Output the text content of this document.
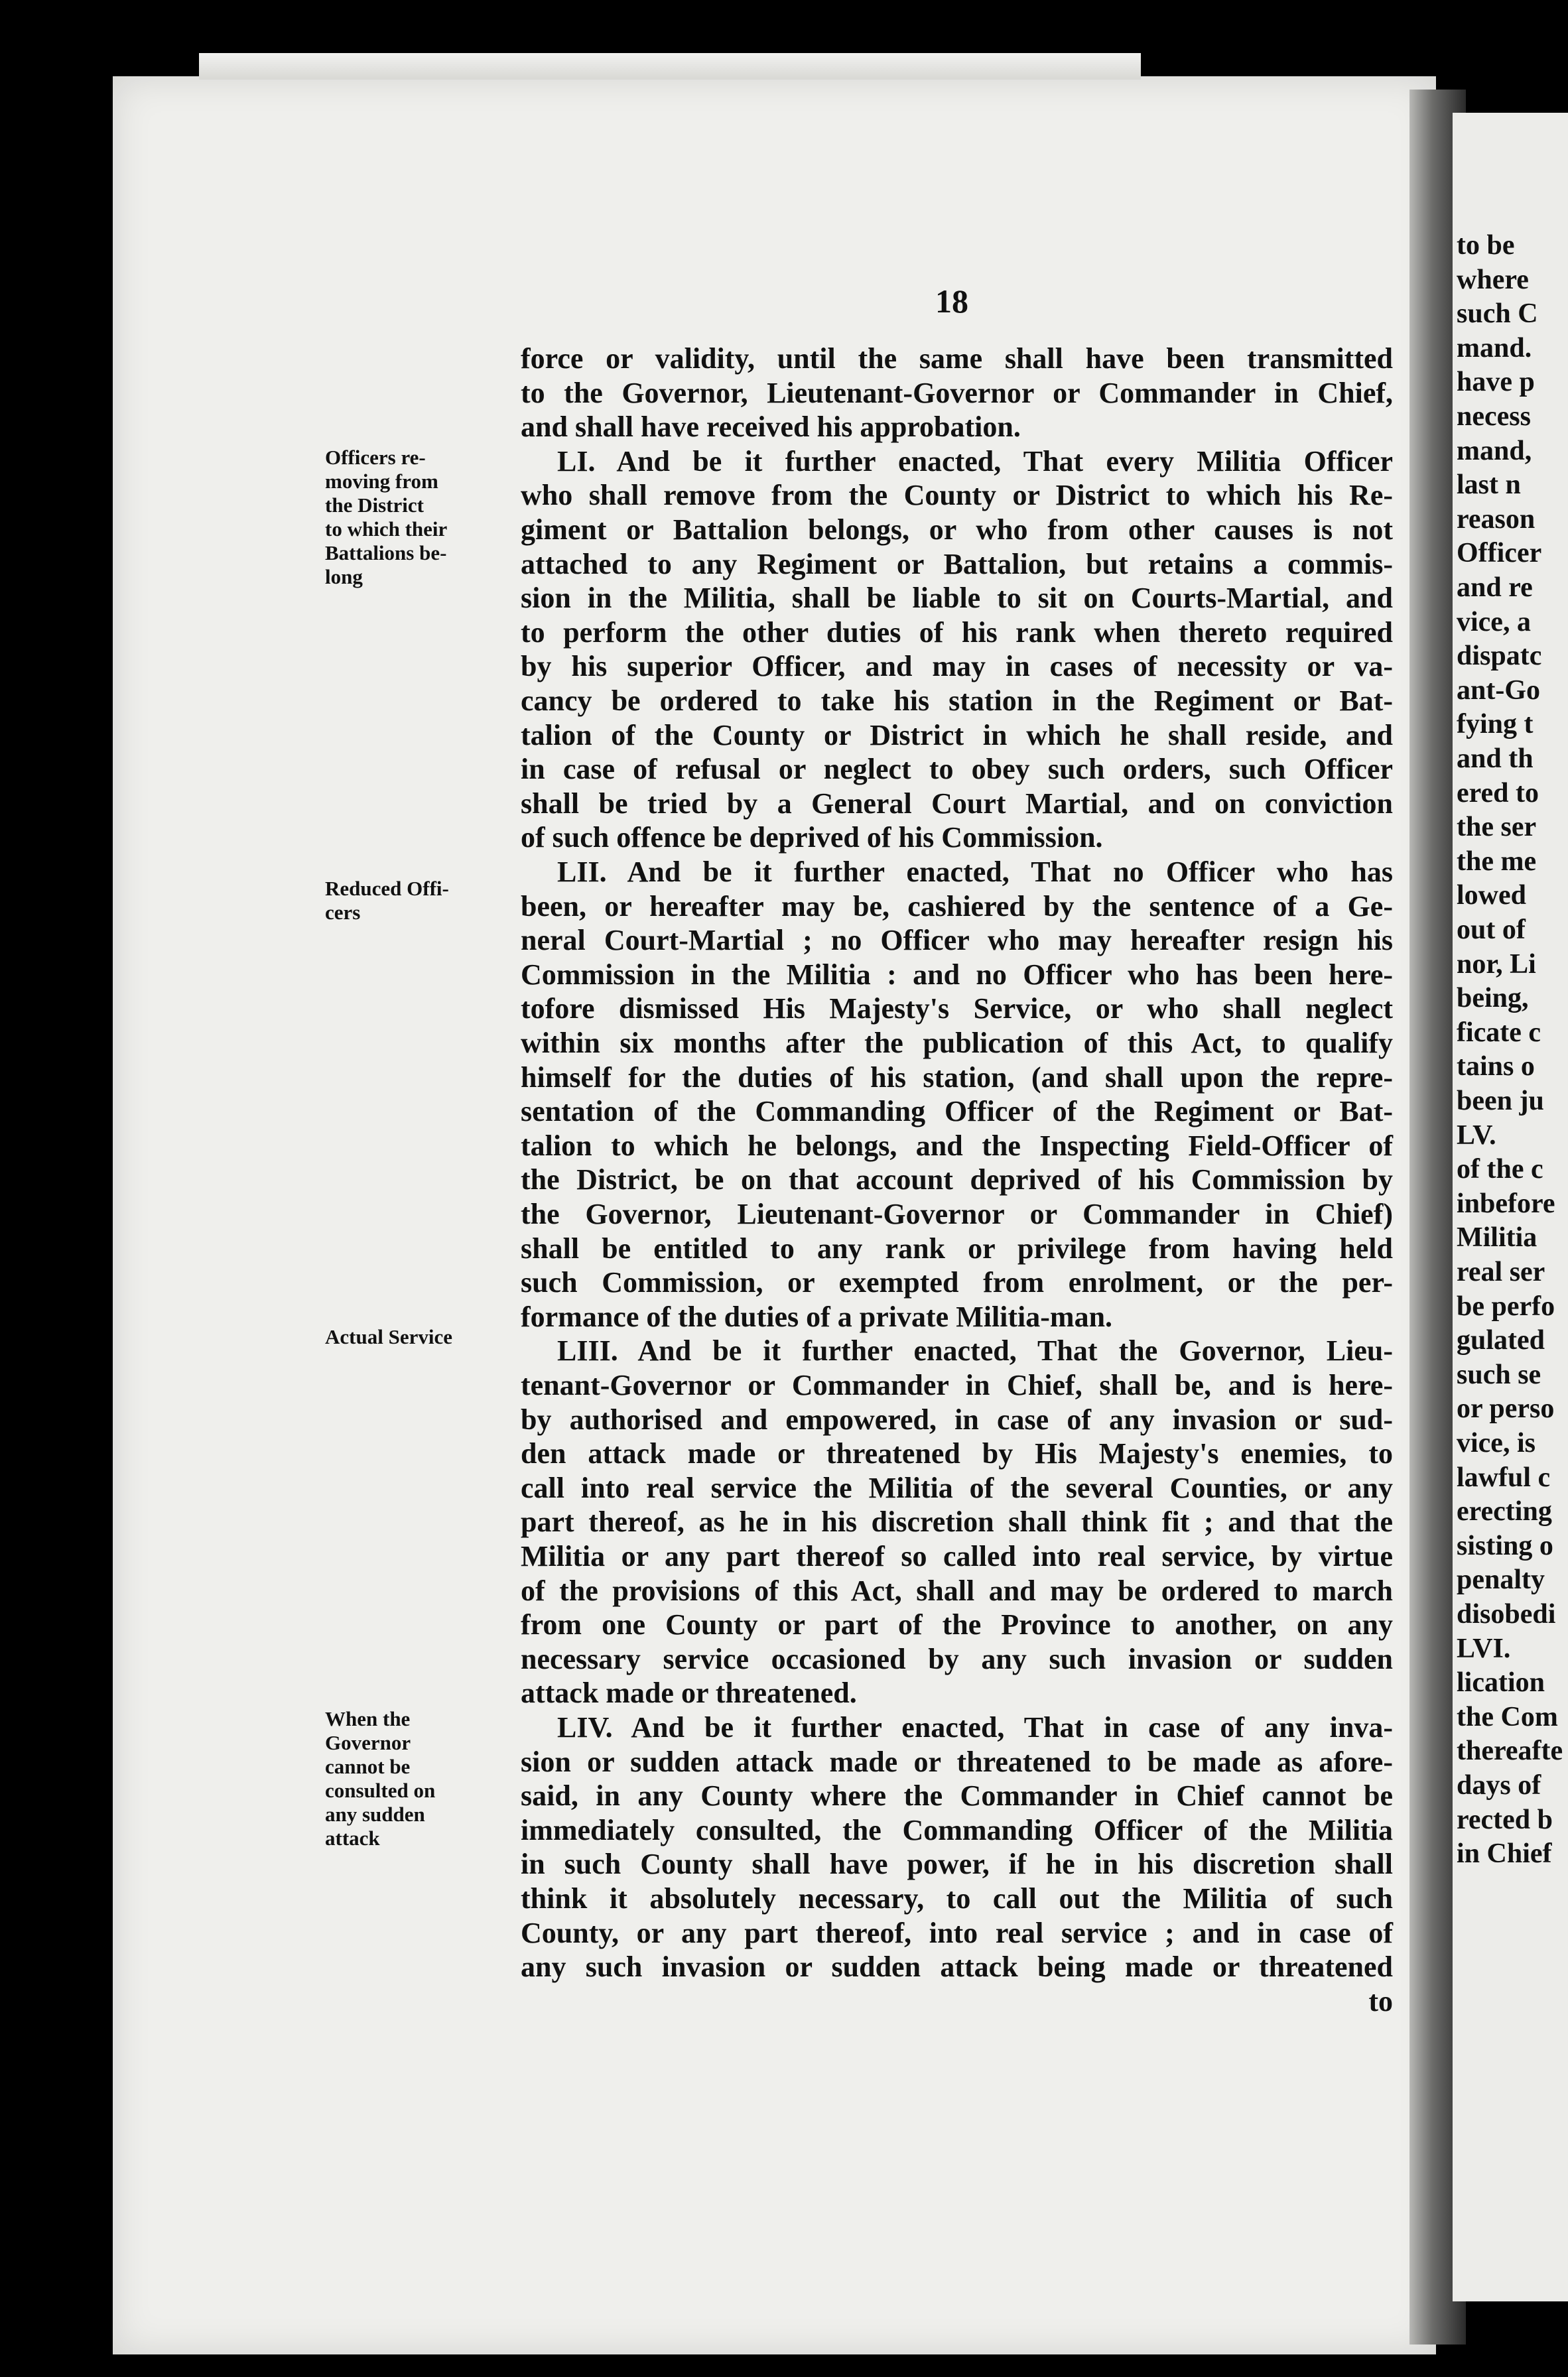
to be
where
such C
mand.
have p
necess
mand,
last n
reason
Officer
and re
vice, a
dispatc
ant-Go
fying t
and th
ered to
the ser
the me
lowed
out of
nor, Li
being,
ficate c
tains o
been ju
LV.
of the c
inbefore
Militia
real ser
be perfo
gulated
such se
or perso
vice, is
lawful c
erecting
sisting o
penalty
disobedi
LVI.
lication
the Com
thereafte
days of
rected b
in Chief
18
Officers re-
moving from
the District
to which their
Battalions be-
long
Reduced Offi-
cers
Actual Service
When the
Governor
cannot be
consulted on
any sudden
attack
force or validity, until the same shall have been transmitted
to the Governor, Lieutenant-Governor or Commander in Chief,
and shall have received his approbation.
LI. And be it further enacted, That every Militia Officer
who shall remove from the County or District to which his Re-
giment or Battalion belongs, or who from other causes is not
attached to any Regiment or Battalion, but retains a commis-
sion in the Militia, shall be liable to sit on Courts-Martial, and
to perform the other duties of his rank when thereto required
by his superior Officer, and may in cases of necessity or va-
cancy be ordered to take his station in the Regiment or Bat-
talion of the County or District in which he shall reside, and
in case of refusal or neglect to obey such orders, such Officer
shall be tried by a General Court Martial, and on conviction
of such offence be deprived of his Commission.
LII. And be it further enacted, That no Officer who has
been, or hereafter may be, cashiered by the sentence of a Ge-
neral Court-Martial ; no Officer who may hereafter resign his
Commission in the Militia : and no Officer who has been here-
tofore dismissed His Majesty's Service, or who shall neglect
within six months after the publication of this Act, to qualify
himself for the duties of his station, (and shall upon the repre-
sentation of the Commanding Officer of the Regiment or Bat-
talion to which he belongs, and the Inspecting Field-Officer of
the District, be on that account deprived of his Commission by
the Governor, Lieutenant-Governor or Commander in Chief)
shall be entitled to any rank or privilege from having held
such Commission, or exempted from enrolment, or the per-
formance of the duties of a private Militia-man.
LIII. And be it further enacted, That the Governor, Lieu-
tenant-Governor or Commander in Chief, shall be, and is here-
by authorised and empowered, in case of any invasion or sud-
den attack made or threatened by His Majesty's enemies, to
call into real service the Militia of the several Counties, or any
part thereof, as he in his discretion shall think fit ; and that the
Militia or any part thereof so called into real service, by virtue
of the provisions of this Act, shall and may be ordered to march
from one County or part of the Province to another, on any
necessary service occasioned by any such invasion or sudden
attack made or threatened.
LIV. And be it further enacted, That in case of any inva-
sion or sudden attack made or threatened to be made as afore-
said, in any County where the Commander in Chief cannot be
immediately consulted, the Commanding Officer of the Militia
in such County shall have power, if he in his discretion shall
think it absolutely necessary, to call out the Militia of such
County, or any part thereof, into real service ; and in case of
any such invasion or sudden attack being made or threatened
to
